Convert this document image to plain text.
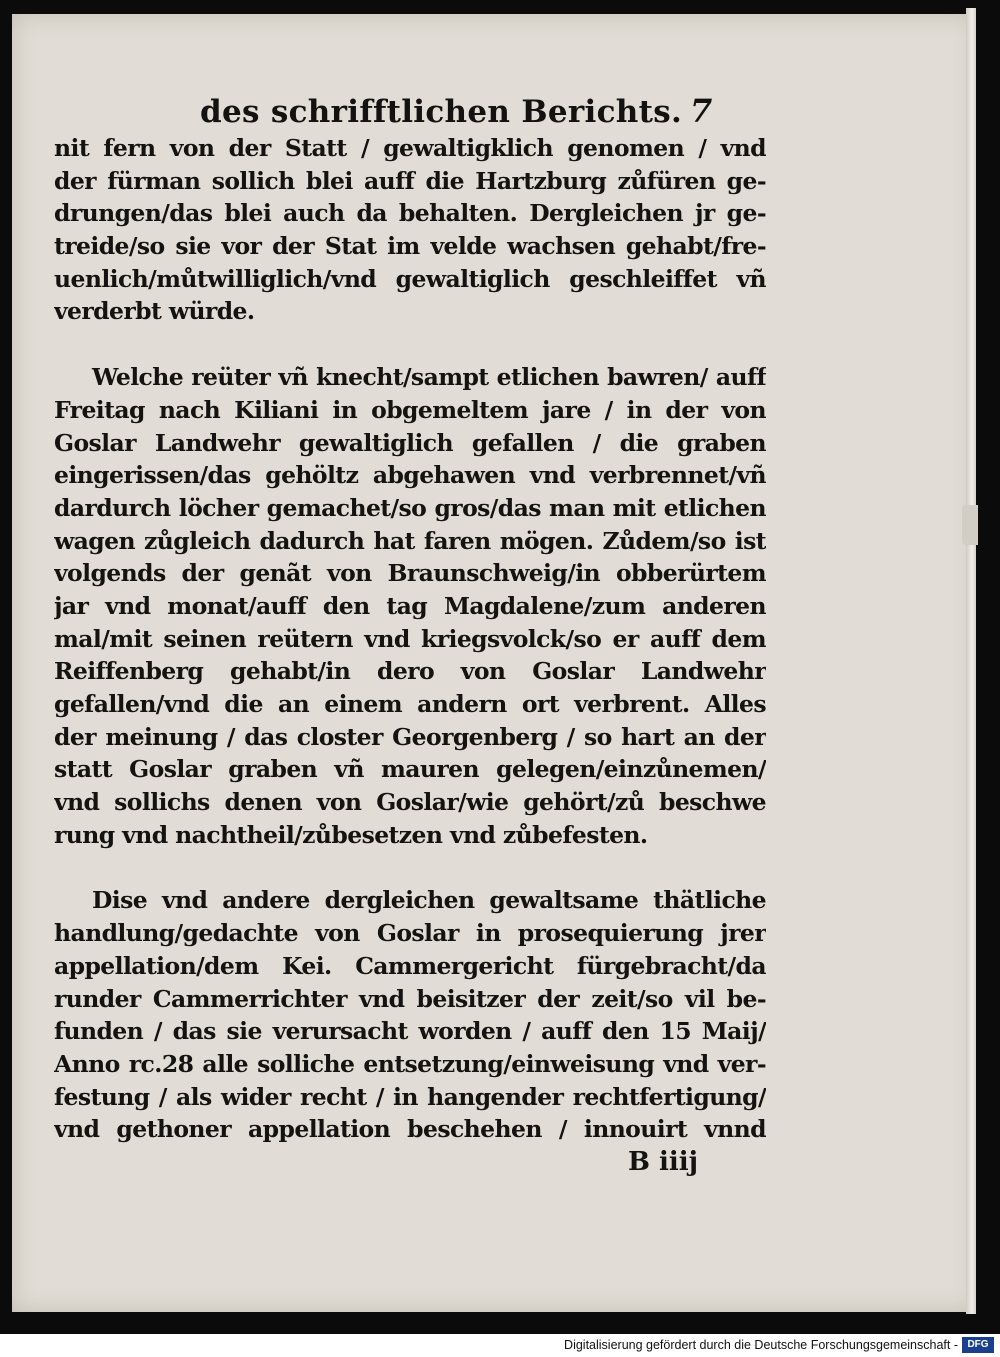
des schrifftlichen Berichts. 7
nit fern von der Statt / gewaltigklich genomen / vnd
der fürman sollich blei auff die Hartzburg zůfüren ge-
drungen/das blei auch da behalten. Dergleichen jr ge-
treide/so sie vor der Stat im velde wachsen gehabt/fre-
uenlich/můtwilliglich/vnd gewaltiglich geschleiffet vñ
verderbt würde.
Welche reüter vñ knecht/sampt etlichen bawren/ auff
Freitag nach Kiliani in obgemeltem jare / in der von
Goslar Landwehr gewaltiglich gefallen / die graben
eingerissen/das gehöltz abgehawen vnd verbrennet/vñ
dardurch löcher gemachet/so gros/das man mit etlichen
wagen zůgleich dadurch hat faren mögen. Zůdem/so ist
volgends der genãt von Braunschweig/in obberürtem
jar vnd monat/auff den tag Magdalene/zum anderen
mal/mit seinen reütern vnd kriegsvolck/so er auff dem
Reiffenberg gehabt/in dero von Goslar Landwehr
gefallen/vnd die an einem andern ort verbrent. Alles
der meinung / das closter Georgenberg / so hart an der
statt Goslar graben vñ mauren gelegen/einzůnemen/
vnd sollichs denen von Goslar/wie gehört/zů beschwe
rung vnd nachtheil/zůbesetzen vnd zůbefesten.
Dise vnd andere dergleichen gewaltsame thätliche
handlung/gedachte von Goslar in prosequierung jrer
appellation/dem Kei. Cammergericht fürgebracht/da
runder Cammerrichter vnd beisitzer der zeit/so vil be-
funden / das sie verursacht worden / auff den 15 Maij/
Anno rc.28 alle solliche entsetzung/einweisung vnd ver-
festung / als wider recht / in hangender rechtfertigung/
vnd gethoner appellation beschehen / innouirt vnnd
B iiij
Digitalisierung gefördert durch die Deutsche Forschungsgemeinschaft - DFG
